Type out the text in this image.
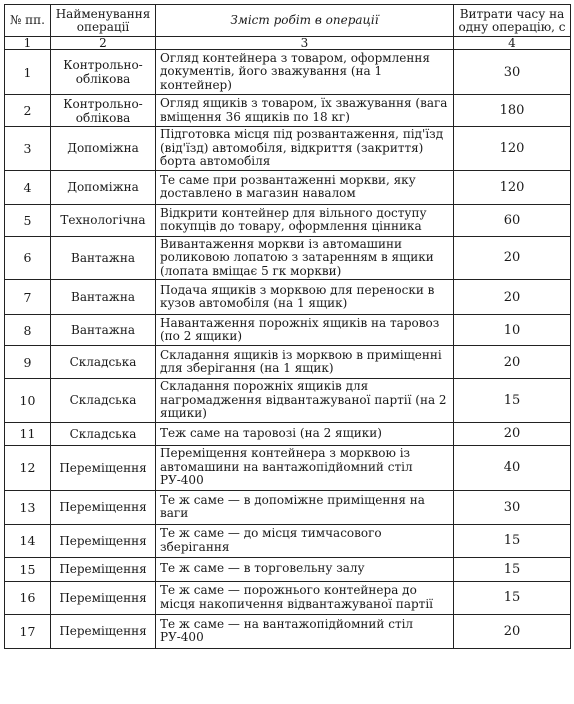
№ пп.	Найменування операції	Зміст робіт в операції	Витрати часу на одну операцію, с
1	2	3	4
1	Контрольно-облікова	Огляд контейнера з товаром, оформлення документів, його зважування (на 1 контейнер)	30
2	Контрольно-облікова	Огляд ящиків з товаром, їх зважування (вага вміщення 36 ящиків по 18 кг)	180
3	Допоміжна	Підготовка місця під розвантаження, під'їзд (від'їзд) автомобіля, відкриття (закриття) борта автомобіля	120
4	Допоміжна	Те саме при розвантаженні моркви, яку доставлено в магазин навалом	120
5	Технологічна	Відкрити контейнер для вільного доступу покупців до товару, оформлення цінника	60
6	Вантажна	Вивантаження моркви із автомашини роликовою лопатою з затаренням в ящики (лопата вміщає 5 гк моркви)	20
7	Вантажна	Подача ящиків з морквою для переноски в кузов автомобіля (на 1 ящик)	20
8	Вантажна	Навантаження порожніх ящиків на таровоз (по 2 ящики)	10
9	Складська	Складання ящиків із морквою в приміщенні для зберігання (на 1 ящик)	20
10	Складська	Складання порожніх ящиків для нагромадження відвантажуваної партії (на 2 ящики)	15
11	Складська	Теж саме на таровозі (на 2 ящики)	20
12	Переміщення	Переміщення контейнера з морквою із автомашини на вантажопідйомний стіл РУ-400	40
13	Переміщення	Те ж саме — в допоміжне приміщення на ваги	30
14	Переміщення	Те ж саме — до місця тимчасового зберігання	15
15	Переміщення	Те ж саме — в торговельну залу	15
16	Переміщення	Те ж саме — порожнього контейнера до місця накопичення відвантажуваної партії	15
17	Переміщення	Те ж саме — на вантажопідйомний стіл РУ-400	20
